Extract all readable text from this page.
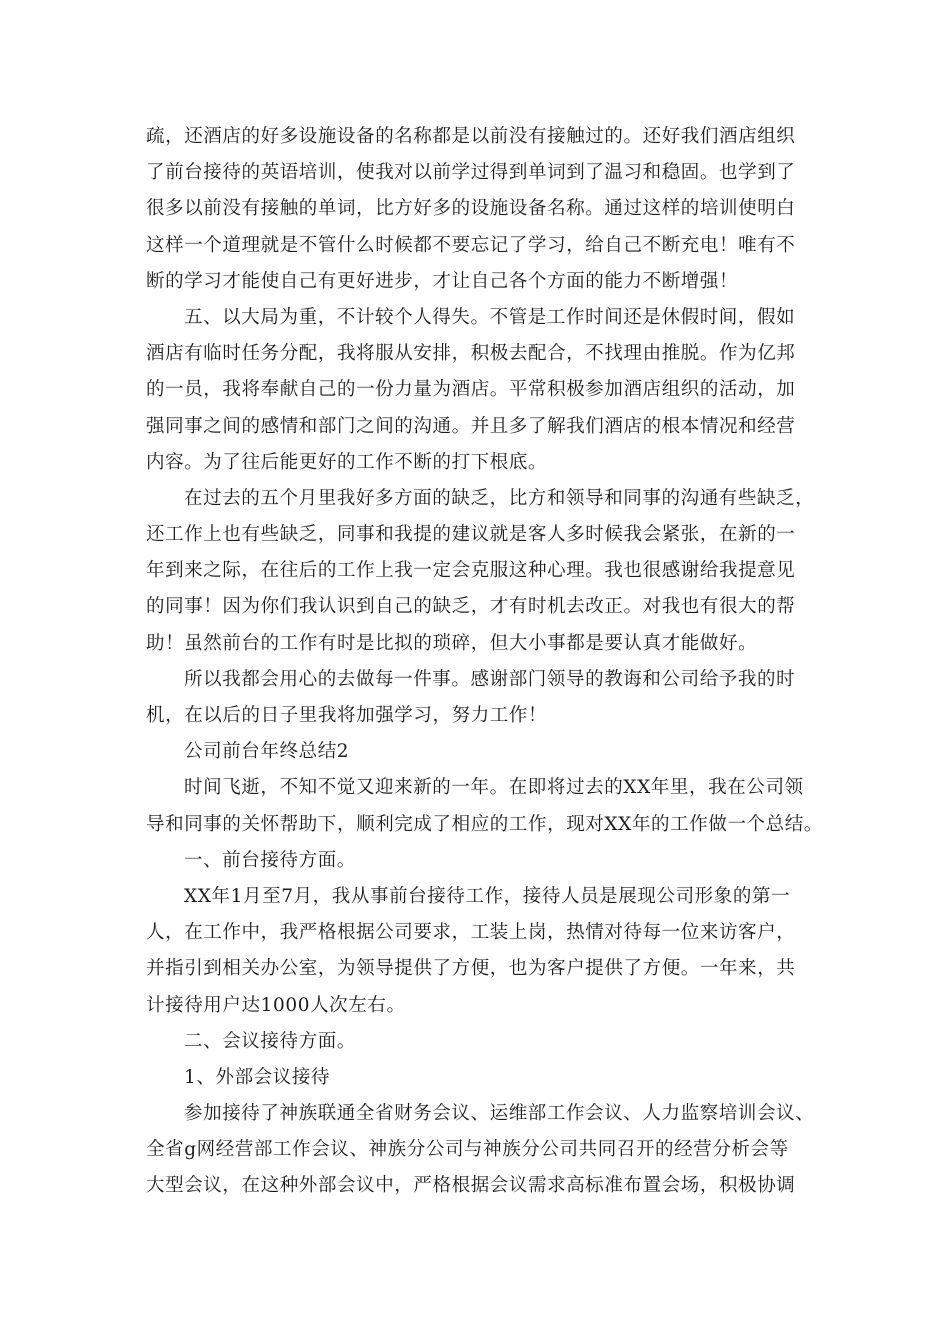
疏，还酒店的好多设施设备的名称都是以前没有接触过的。还好我们酒店组织
了前台接待的英语培训，使我对以前学过得到单词到了温习和稳固。也学到了
很多以前没有接触的单词，比方好多的设施设备名称。通过这样的培训使明白
这样一个道理就是不管什么时候都不要忘记了学习，给自己不断充电！唯有不
断的学习才能使自己有更好进步，才让自己各个方面的能力不断增强！
五、以大局为重，不计较个人得失。不管是工作时间还是休假时间，假如
酒店有临时任务分配，我将服从安排，积极去配合，不找理由推脱。作为亿邦
的一员，我将奉献自己的一份力量为酒店。平常积极参加酒店组织的活动，加
强同事之间的感情和部门之间的沟通。并且多了解我们酒店的根本情况和经营
内容。为了往后能更好的工作不断的打下根底。
在过去的五个月里我好多方面的缺乏，比方和领导和同事的沟通有些缺乏，
还工作上也有些缺乏，同事和我提的建议就是客人多时候我会紧张，在新的一
年到来之际，在往后的工作上我一定会克服这种心理。我也很感谢给我提意见
的同事！因为你们我认识到自己的缺乏，才有时机去改正。对我也有很大的帮
助！虽然前台的工作有时是比拟的琐碎，但大小事都是要认真才能做好。
所以我都会用心的去做每一件事。感谢部门领导的教诲和公司给予我的时
机，在以后的日子里我将加强学习，努力工作！
公司前台年终总结2
时间飞逝，不知不觉又迎来新的一年。在即将过去的XX年里，我在公司领
导和同事的关怀帮助下，顺利完成了相应的工作，现对XX年的工作做一个总结。
一、前台接待方面。
XX年1月至7月，我从事前台接待工作，接待人员是展现公司形象的第一
人，在工作中，我严格根据公司要求，工装上岗，热情对待每一位来访客户，
并指引到相关办公室，为领导提供了方便，也为客户提供了方便。一年来，共
计接待用户达1000人次左右。
二、会议接待方面。
1、外部会议接待
参加接待了神族联通全省财务会议、运维部工作会议、人力监察培训会议、
全省g网经营部工作会议、神族分公司与神族分公司共同召开的经营分析会等
大型会议，在这种外部会议中，严格根据会议需求高标准布置会场，积极协调
